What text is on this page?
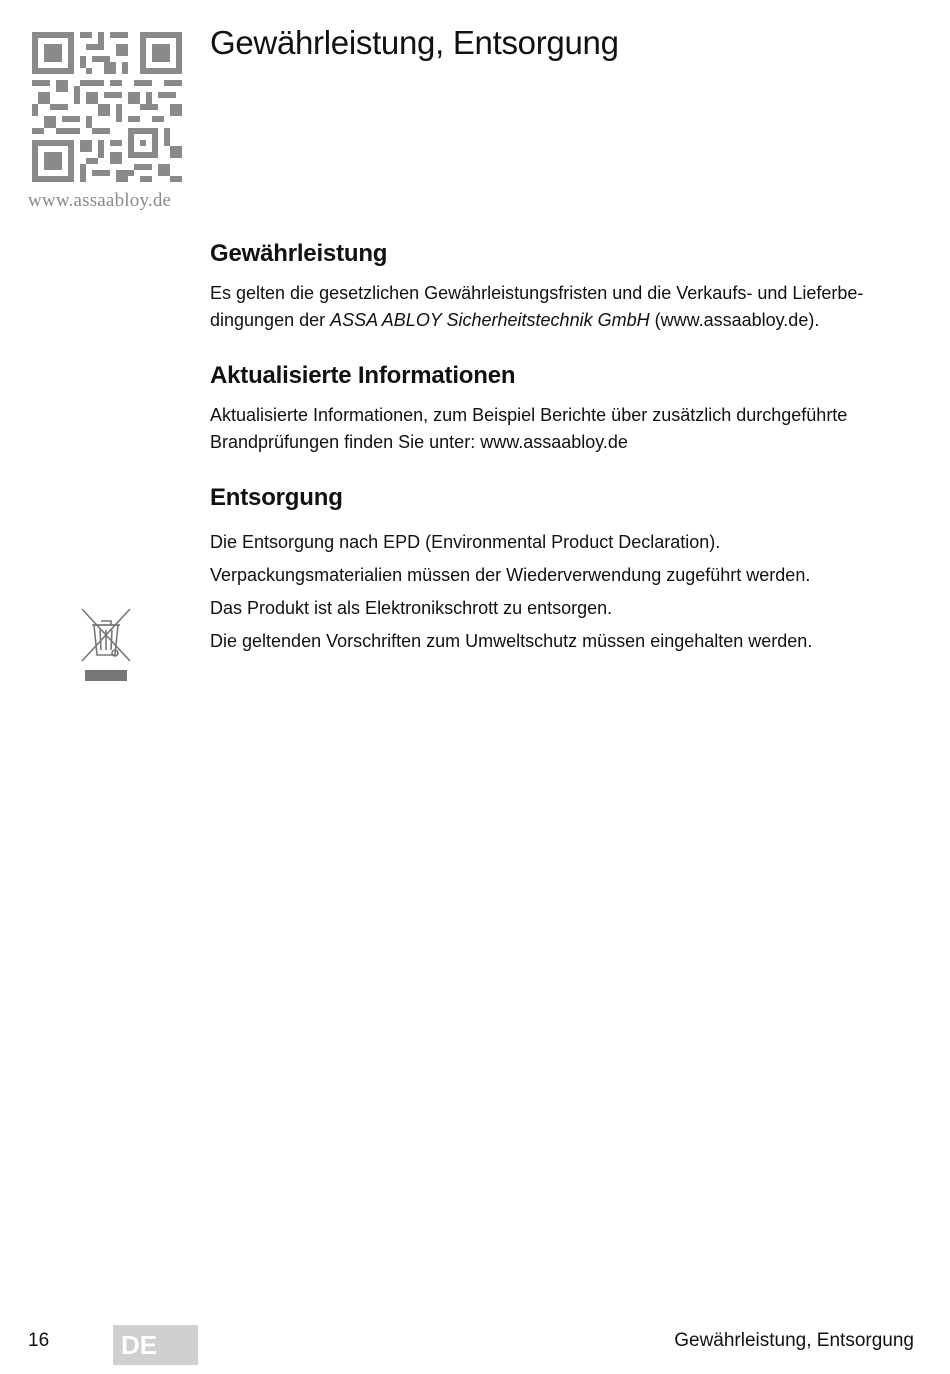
www.assaabloy.de
Gewährleistung, Entsorgung
Gewährleistung

Es gelten die gesetzlichen Gewährleistungsfristen und die Verkaufs- und Lieferbedingungen der ASSA ABLOY Sicherheitstechnik GmbH (www.assaabloy.de).

Aktualisierte Informationen

Aktualisierte Informationen, zum Beispiel Berichte über zusätzlich durchgeführte Brandprüfungen finden Sie unter: www.assaabloy.de

Entsorgung
Die Entsorgung nach EPD (Environmental Product Declaration).
Verpackungsmaterialien müssen der Wiederverwendung zugeführt werden.
Das Produkt ist als Elektronikschrott zu entsorgen.
Die geltenden Vorschriften zum Umweltschutz müssen eingehalten werden.
16	DE	Gewährleistung, Entsorgung
